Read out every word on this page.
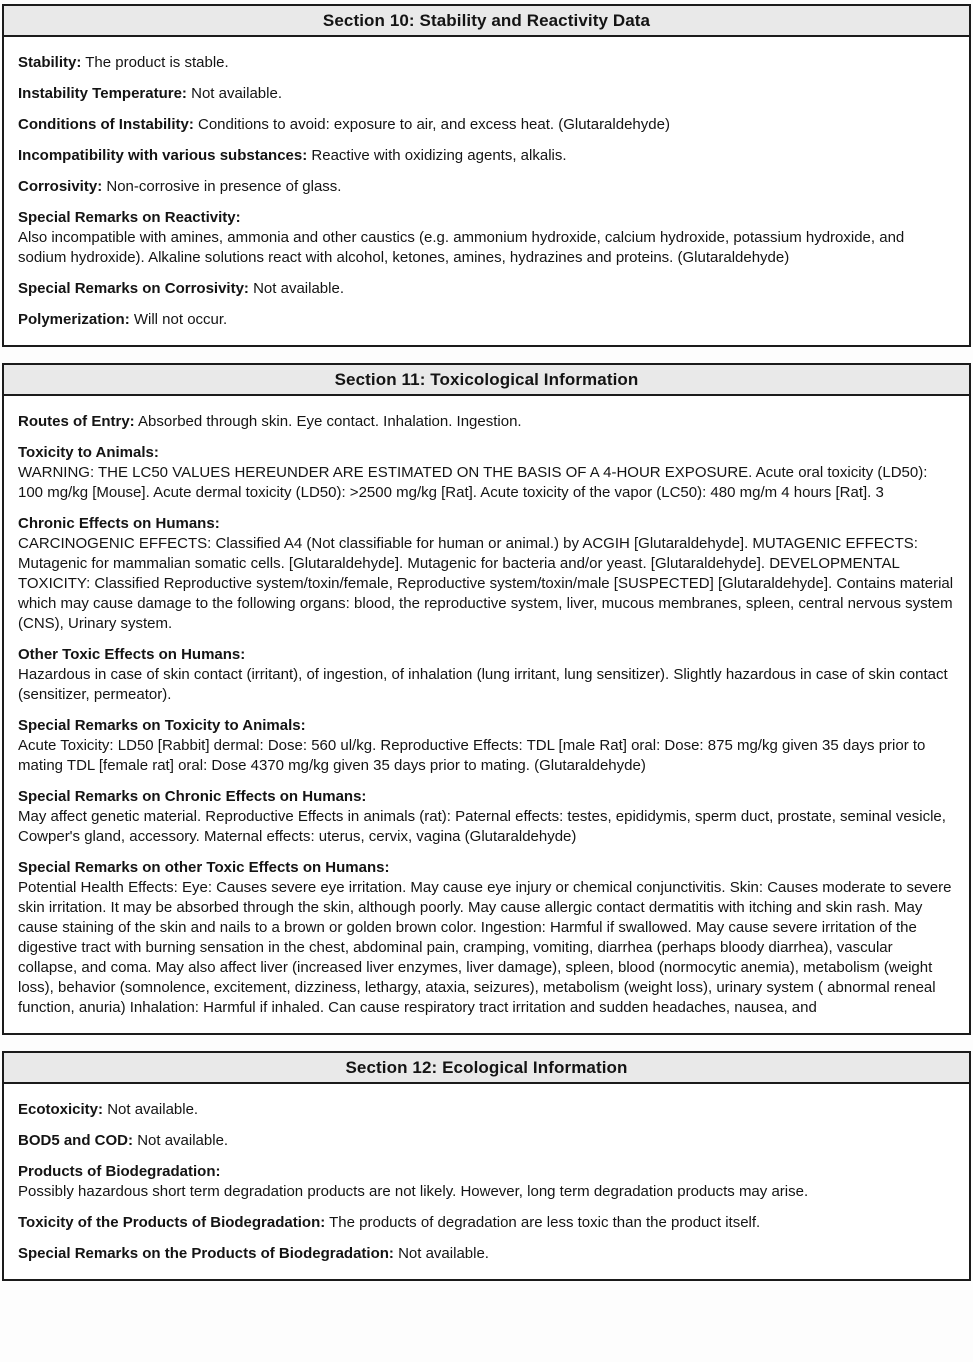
Section 10: Stability and Reactivity Data

Stability: The product is stable.

Instability Temperature: Not available.

Conditions of Instability: Conditions to avoid: exposure to air, and excess heat. (Glutaraldehyde)

Incompatibility with various substances: Reactive with oxidizing agents, alkalis.

Corrosivity: Non-corrosive in presence of glass.

Special Remarks on Reactivity:
Also incompatible with amines, ammonia and other caustics (e.g. ammonium hydroxide, calcium hydroxide, potassium hydroxide, and sodium hydroxide). Alkaline solutions react with alcohol, ketones, amines, hydrazines and proteins. (Glutaraldehyde)

Special Remarks on Corrosivity: Not available.

Polymerization: Will not occur.

Section 11: Toxicological Information

Routes of Entry: Absorbed through skin. Eye contact. Inhalation. Ingestion.

Toxicity to Animals:
WARNING: THE LC50 VALUES HEREUNDER ARE ESTIMATED ON THE BASIS OF A 4-HOUR EXPOSURE. Acute oral toxicity (LD50): 100 mg/kg [Mouse]. Acute dermal toxicity (LD50): >2500 mg/kg [Rat]. Acute toxicity of the vapor (LC50): 480 mg/m 4 hours [Rat]. 3

Chronic Effects on Humans:
CARCINOGENIC EFFECTS: Classified A4 (Not classifiable for human or animal.) by ACGIH [Glutaraldehyde]. MUTAGENIC EFFECTS: Mutagenic for mammalian somatic cells. [Glutaraldehyde]. Mutagenic for bacteria and/or yeast. [Glutaraldehyde]. DEVELOPMENTAL TOXICITY: Classified Reproductive system/toxin/female, Reproductive system/toxin/male [SUSPECTED] [Glutaraldehyde]. Contains material which may cause damage to the following organs: blood, the reproductive system, liver, mucous membranes, spleen, central nervous system (CNS), Urinary system.

Other Toxic Effects on Humans:
Hazardous in case of skin contact (irritant), of ingestion, of inhalation (lung irritant, lung sensitizer). Slightly hazardous in case of skin contact (sensitizer, permeator).

Special Remarks on Toxicity to Animals:
Acute Toxicity: LD50 [Rabbit] dermal: Dose: 560 ul/kg. Reproductive Effects: TDL [male Rat] oral: Dose: 875 mg/kg given 35 days prior to mating TDL [female rat] oral: Dose 4370 mg/kg given 35 days prior to mating. (Glutaraldehyde)

Special Remarks on Chronic Effects on Humans:
May affect genetic material. Reproductive Effects in animals (rat): Paternal effects: testes, epididymis, sperm duct, prostate, seminal vesicle, Cowper's gland, accessory. Maternal effects: uterus, cervix, vagina (Glutaraldehyde)

Special Remarks on other Toxic Effects on Humans:
Potential Health Effects: Eye: Causes severe eye irritation. May cause eye injury or chemical conjunctivitis. Skin: Causes moderate to severe skin irritation. It may be absorbed through the skin, although poorly. May cause allergic contact dermatitis with itching and skin rash. May cause staining of the skin and nails to a brown or golden brown color. Ingestion: Harmful if swallowed. May cause severe irritation of the digestive tract with burning sensation in the chest, abdominal pain, cramping, vomiting, diarrhea (perhaps bloody diarrhea), vascular collapse, and coma. May also affect liver (increased liver enzymes, liver damage), spleen, blood (normocytic anemia), metabolism (weight loss), behavior (somnolence, excitement, dizziness, lethargy, ataxia, seizures), metabolism (weight loss), urinary system ( abnormal reneal function, anuria) Inhalation: Harmful if inhaled. Can cause respiratory tract irritation and sudden headaches, nausea, and

Section 12: Ecological Information

Ecotoxicity: Not available.

BOD5 and COD: Not available.

Products of Biodegradation:
Possibly hazardous short term degradation products are not likely. However, long term degradation products may arise.

Toxicity of the Products of Biodegradation: The products of degradation are less toxic than the product itself.

Special Remarks on the Products of Biodegradation: Not available.
